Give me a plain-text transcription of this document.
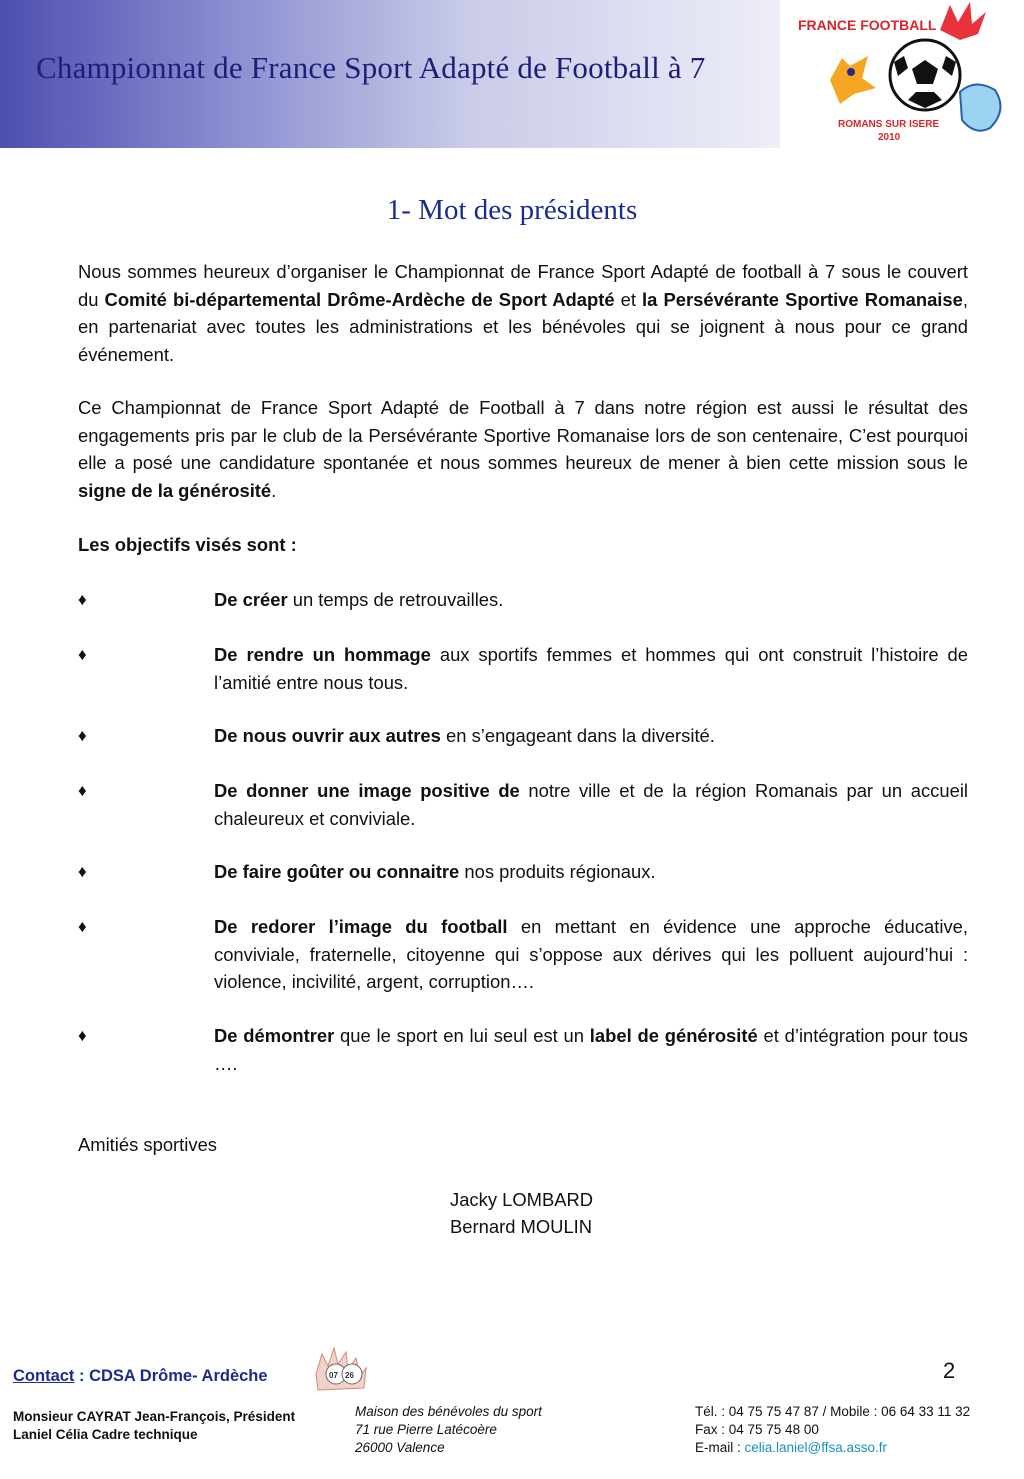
Championnat de France Sport Adapté de Football à 7
FRANCE FOOTBALL
ROMANS SUR ISERE
2010
1- Mot des présidents

Nous sommes heureux d’organiser le Championnat de France Sport Adapté de football à 7 sous le couvert du Comité bi-départemental Drôme-Ardèche de Sport Adapté et la Persévérante Sportive Romanaise, en partenariat avec toutes les administrations et les bénévoles qui se joignent à nous pour ce grand événement.

Ce Championnat de France Sport Adapté de Football à 7 dans notre région est aussi le résultat des engagements pris par le club de la Persévérante Sportive Romanaise lors de son centenaire, C’est pourquoi elle a posé une candidature spontanée et nous sommes heureux de mener à bien cette mission sous le signe de la générosité.

Les objectifs visés sont :

♦	De créer un temps de retrouvailles.

♦	De rendre un hommage aux sportifs femmes et hommes qui ont construit l’histoire de l’amitié entre nous tous.

♦	De nous ouvrir aux autres en s’engageant dans la diversité.

♦	De donner une image positive de notre ville et de la région Romanais par un accueil chaleureux et conviviale.

♦	De faire goûter ou connaitre nos produits régionaux.

♦	De redorer l’image du football en mettant en évidence une approche éducative, conviviale, fraternelle, citoyenne qui s’oppose aux dérives qui les polluent aujourd’hui : violence, incivilité, argent, corruption….

♦	De démontrer que le sport en lui seul est un label de générosité et d’intégration pour tous ….

Amitiés sportives
Jacky LOMBARD
Bernard MOULIN
2
Contact : CDSA Drôme- Ardèche	07 26
Monsieur CAYRAT Jean-François, Président
Laniel Célia Cadre technique
Maison des bénévoles du sport
71 rue Pierre Latécoère
26000 Valence
Tél. : 04 75 75 47 87 / Mobile : 06 64 33 11 32
Fax : 04 75 75 48 00
E-mail : celia.laniel@ffsa.asso.fr
